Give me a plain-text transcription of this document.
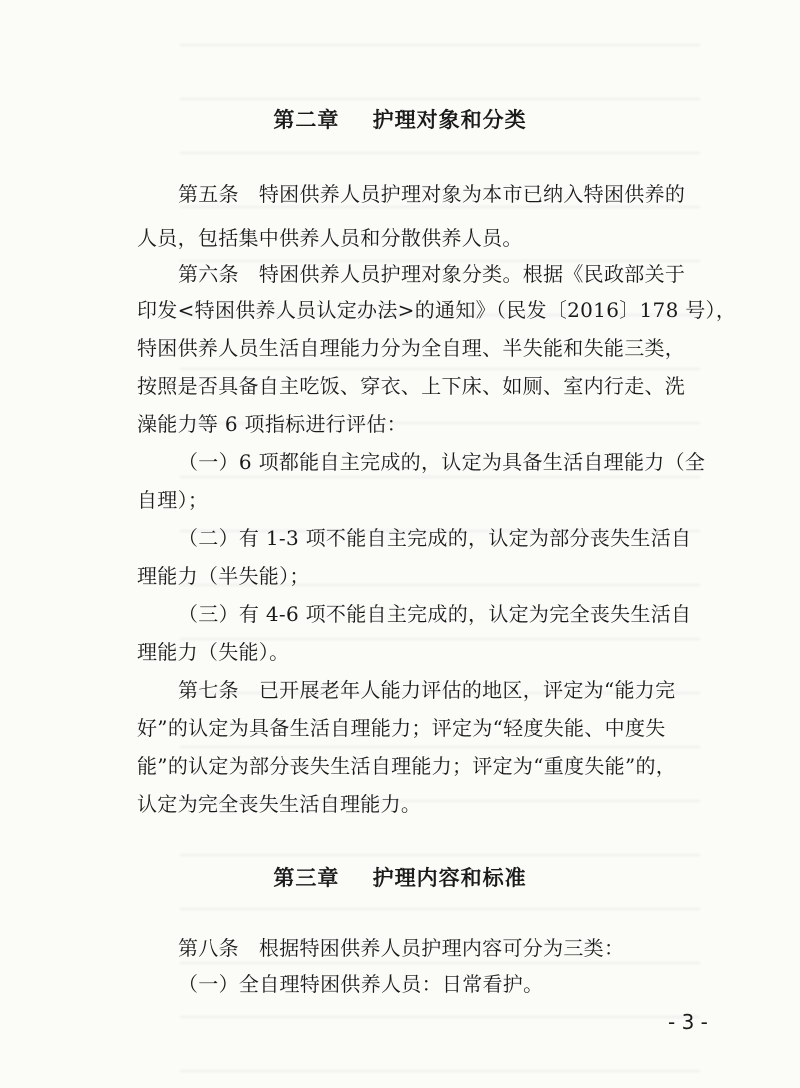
第二章    护理对象和分类
第五条   特困供养人员护理对象为本市已纳入特困供养的
人员，包括集中供养人员和分散供养人员。
第六条   特困供养人员护理对象分类。根据《民政部关于
印发<特困供养人员认定办法>的通知》（民发〔2016〕178 号），
特困供养人员生活自理能力分为全自理、半失能和失能三类，
按照是否具备自主吃饭、穿衣、上下床、如厕、室内行走、洗
澡能力等 6 项指标进行评估：
（一）6 项都能自主完成的，认定为具备生活自理能力（全
自理）；
（二）有 1-3 项不能自主完成的，认定为部分丧失生活自
理能力（半失能）；
（三）有 4-6 项不能自主完成的，认定为完全丧失生活自
理能力（失能）。
第七条   已开展老年人能力评估的地区，评定为“能力完
好”的认定为具备生活自理能力；评定为“轻度失能、中度失
能”的认定为部分丧失生活自理能力；评定为“重度失能”的，
认定为完全丧失生活自理能力。
第三章    护理内容和标准
第八条   根据特困供养人员护理内容可分为三类：
（一）全自理特困供养人员：日常看护。
- 3 -
